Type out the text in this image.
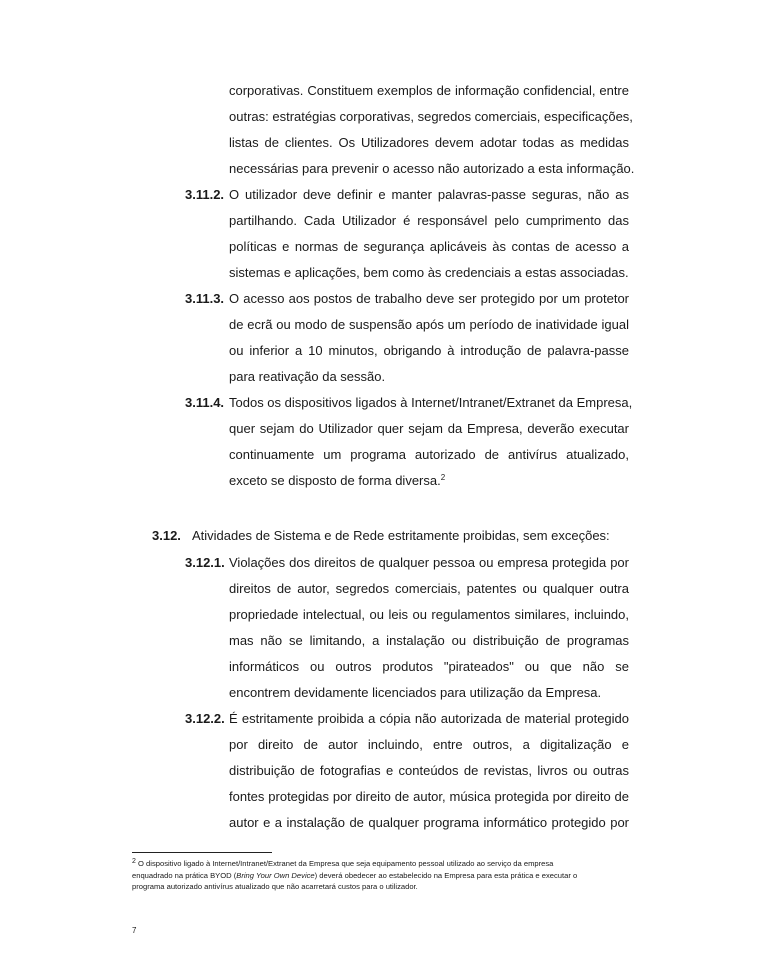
corporativas. Constituem exemplos de informação confidencial, entre
outras: estratégias corporativas, segredos comerciais, especificações,
listas de clientes. Os Utilizadores devem adotar todas as medidas
necessárias para prevenir o acesso não autorizado a esta informação.
3.11.2. O utilizador deve definir e manter palavras-passe seguras, não as
partilhando. Cada Utilizador é responsável pelo cumprimento das
políticas e normas de segurança aplicáveis às contas de acesso a
sistemas e aplicações, bem como às credenciais a estas associadas.
3.11.3. O acesso aos postos de trabalho deve ser protegido por um protetor
de ecrã ou modo de suspensão após um período de inatividade igual
ou inferior a 10 minutos, obrigando à introdução de palavra-passe
para reativação da sessão.
3.11.4. Todos os dispositivos ligados à Internet/Intranet/Extranet da Empresa,
quer sejam do Utilizador quer sejam da Empresa, deverão executar
continuamente um programa autorizado de antivírus atualizado,
exceto se disposto de forma diversa.$^2$
3.12. Atividades de Sistema e de Rede estritamente proibidas, sem exceções:
3.12.1. Violações dos direitos de qualquer pessoa ou empresa protegida por
direitos de autor, segredos comerciais, patentes ou qualquer outra
propriedade intelectual, ou leis ou regulamentos similares, incluindo,
mas não se limitando, a instalação ou distribuição de programas
informáticos ou outros produtos "pirateados" ou que não se
encontrem devidamente licenciados para utilização da Empresa.
3.12.2. É estritamente proibida a cópia não autorizada de material protegido
por direito de autor incluindo, entre outros, a digitalização e
distribuição de fotografias e conteúdos de revistas, livros ou outras
fontes protegidas por direito de autor, música protegida por direito de
autor e a instalação de qualquer programa informático protegido por
$^2$ O dispositivo ligado à Internet/Intranet/Extranet da Empresa que seja equipamento pessoal utilizado ao serviço da empresa
enquadrado na prática BYOD (Bring Your Own Device) deverá obedecer ao estabelecido na Empresa para esta prática e executar o
programa autorizado antivírus atualizado que não acarretará custos para o utilizador.
7
